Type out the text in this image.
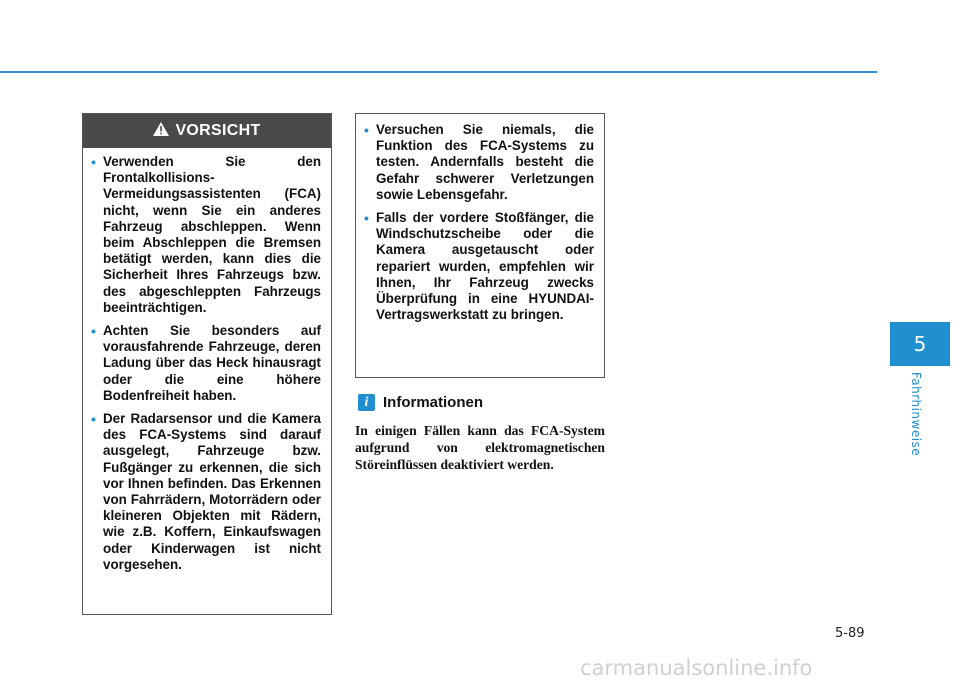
VORSICHT
• Verwenden Sie den Frontalkollisions-Vermeidungsassistenten (FCA) nicht, wenn Sie ein anderes Fahrzeug abschleppen. Wenn beim Abschleppen die Bremsen betätigt werden, kann dies die Sicherheit Ihres Fahrzeugs bzw. des abgeschleppten Fahrzeugs beeinträchtigen.
• Achten Sie besonders auf vorausfahrende Fahrzeuge, deren Ladung über das Heck hinausragt oder die eine höhere Bodenfreiheit haben.
• Der Radarsensor und die Kamera des FCA-Systems sind darauf ausgelegt, Fahrzeuge bzw. Fußgänger zu erkennen, die sich vor Ihnen befinden. Das Erkennen von Fahrrädern, Motorrädern oder kleineren Objekten mit Rädern, wie z.B. Koffern, Einkaufswagen oder Kinderwagen ist nicht vorgesehen.
• Versuchen Sie niemals, die Funktion des FCA-Systems zu testen. Andernfalls besteht die Gefahr schwerer Verletzungen sowie Lebensgefahr.
• Falls der vordere Stoßfänger, die Windschutzscheibe oder die Kamera ausgetauscht oder repariert wurden, empfehlen wir Ihnen, Ihr Fahrzeug zwecks Überprüfung in eine HYUNDAI-Vertragswerkstatt zu bringen.
i Informationen

In einigen Fällen kann das FCA-System aufgrund von elektromagnetischen Störeinflüssen deaktiviert werden.

5
Fahrhinweise
5-89
carmanualsonline.info
